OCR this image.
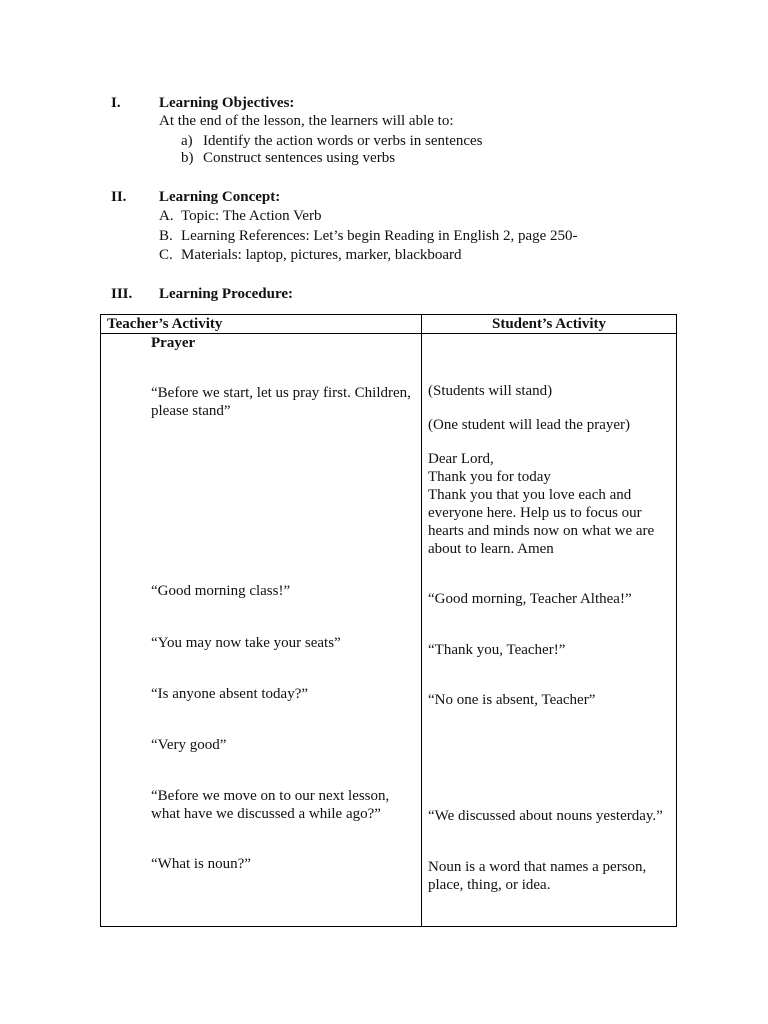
I.	Learning Objectives:
At the end of the lesson, the learners will able to:
a) Identify the action words or verbs in sentences
b) Construct sentences using verbs
II. Learning Concept:
A. Topic: The Action Verb
B. Learning References: Let’s begin Reading in English 2, page 250-
C. Materials: laptop, pictures, marker, blackboard
III. Learning Procedure:
Teacher’s Activity	Student’s Activity
Prayer
“Before we start, let us pray first. Children,
please stand”
“Good morning class!”
“You may now take your seats”
“Is anyone absent today?”
“Very good”
“Before we move on to our next lesson,
what have we discussed a while ago?”
“What is noun?”
(Students will stand)
(One student will lead the prayer)
Dear Lord,
Thank you for today
Thank you that you love each and
everyone here. Help us to focus our
hearts and minds now on what we are
about to learn. Amen
“Good morning, Teacher Althea!”
“Thank you, Teacher!”
“No one is absent, Teacher”
“We discussed about nouns yesterday.”
Noun is a word that names a person,
place, thing, or idea.
